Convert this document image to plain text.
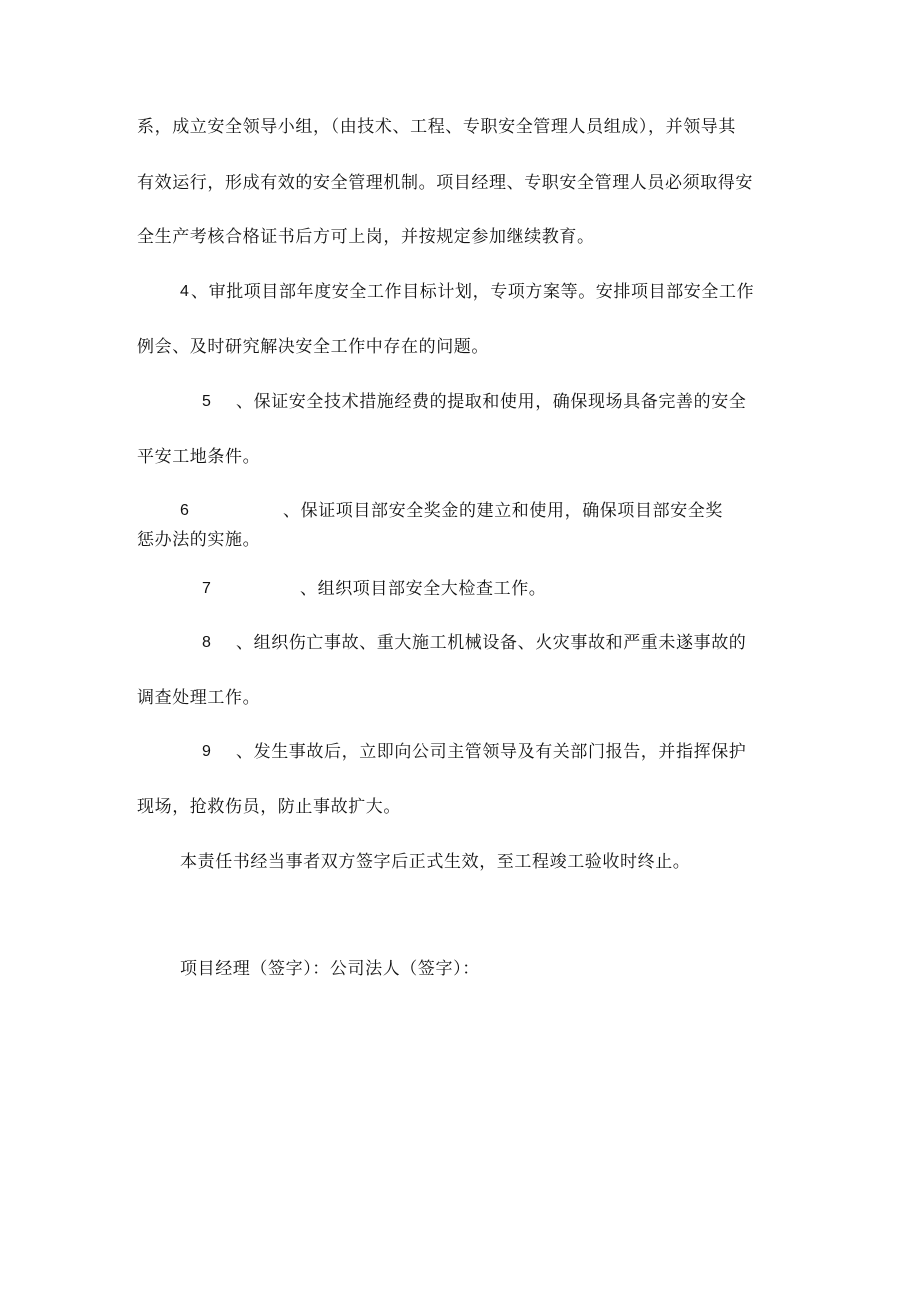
系，成立安全领导小组，（由技术、工程、专职安全管理人员组成），并领导其
有效运行，形成有效的安全管理机制。项目经理、专职安全管理人员必须取得安
全生产考核合格证书后方可上岗，并按规定参加继续教育。
4 、审批项目部年度安全工作目标计划，专项方案等。安排项目部安全工作
例会、及时研究解决安全工作中存在的问题。
5 、保证安全技术措施经费的提取和使用，确保现场具备完善的安全
平安工地条件。
6	、保证项目部安全奖金的建立和使用，确保项目部安全奖
惩办法的实施。
7	、组织项目部安全大检查工作。
8 、组织伤亡事故、重大施工机械设备、火灾事故和严重未遂事故的
调查处理工作。
9 、发生事故后，立即向公司主管领导及有关部门报告，并指挥保护
现场，抢救伤员，防止事故扩大。
本责任书经当事者双方签字后正式生效，至工程竣工验收时终止。
项目经理（签字）：公司法人（签字）：
